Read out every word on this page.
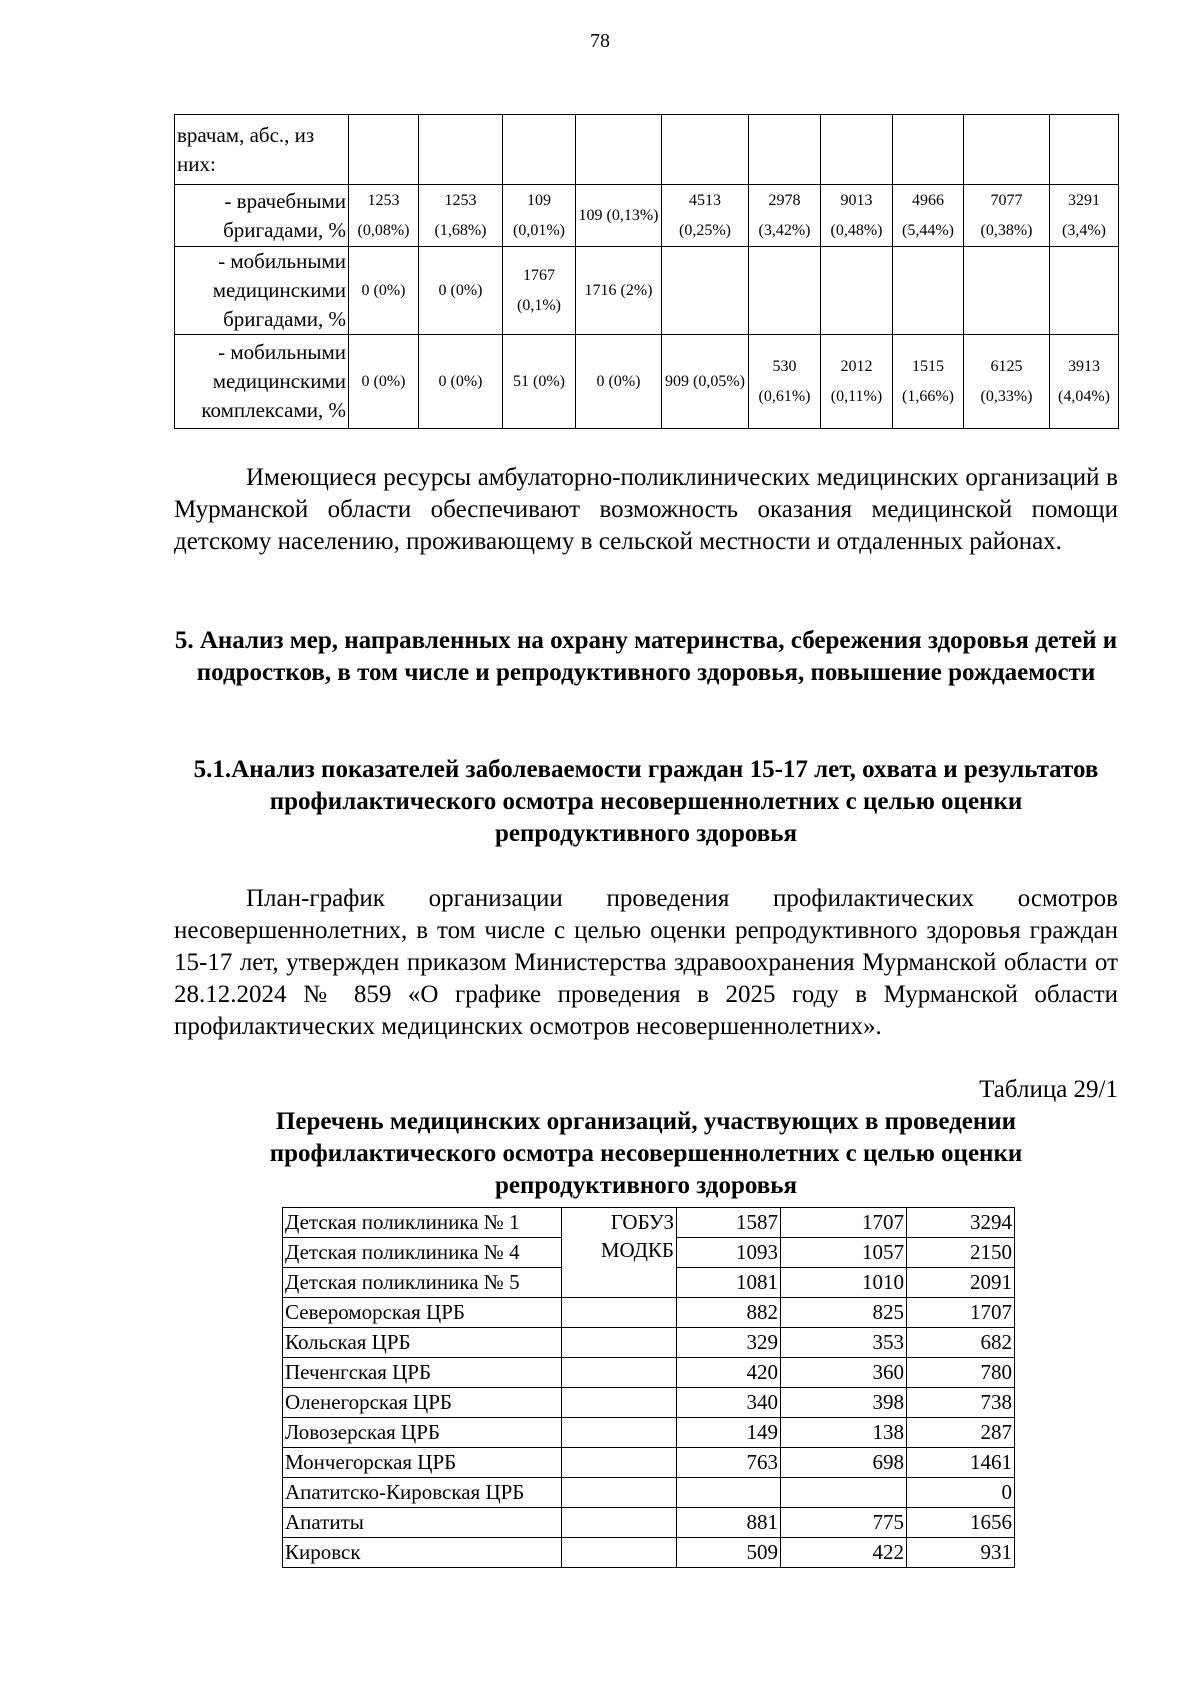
78
врачам, абс., из них:										
- врачебными бригадами, %	1253 (0,08%)	1253 (1,68%)	109 (0,01%)	109 (0,13%)	4513 (0,25%)	2978 (3,42%)	9013 (0,48%)	4966 (5,44%)	7077 (0,38%)	3291 (3,4%)
- мобильными медицинскими бригадами, %	0 (0%)	0 (0%)	1767 (0,1%)	1716 (2%)						
- мобильными медицинскими комплексами, %	0 (0%)	0 (0%)	51 (0%)	0 (0%)	909 (0,05%)	530 (0,61%)	2012 (0,11%)	1515 (1,66%)	6125 (0,33%)	3913 (4,04%)

Имеющиеся ресурсы амбулаторно-поликлинических медицинских организаций в Мурманской области обеспечивают возможность оказания медицинской помощи детскому населению, проживающему в сельской местности и отдаленных районах.

5. Анализ мер, направленных на охрану материнства, сбережения здоровья детей и подростков, в том числе и репродуктивного здоровья, повышение рождаемости

5.1.Анализ показателей заболеваемости граждан 15-17 лет, охвата и результатов профилактического осмотра несовершеннолетних с целью оценки репродуктивного здоровья

План-график организации проведения профилактических осмотров несовершеннолетних, в том числе с целью оценки репродуктивного здоровья граждан 15-17 лет, утвержден приказом Министерства здравоохранения Мурманской области от 28.12.2024 № 859 «О графике проведения в 2025 году в Мурманской области профилактических медицинских осмотров несовершеннолетних».

Таблица 29/1

Перечень медицинских организаций, участвующих в проведении профилактического осмотра несовершеннолетних с целью оценки репродуктивного здоровья

Детская поликлиника № 1	ГОБУЗ МОДКБ	1587	1707	3294
Детская поликлиника № 4		1093	1057	2150
Детская поликлиника № 5		1081	1010	2091
Североморская ЦРБ		882	825	1707
Кольская ЦРБ		329	353	682
Печенгская ЦРБ		420	360	780
Оленегорская ЦРБ		340	398	738
Ловозерская ЦРБ		149	138	287
Мончегорская ЦРБ		763	698	1461
Апатитско-Кировская ЦРБ				0
Апатиты		881	775	1656
Кировск		509	422	931
